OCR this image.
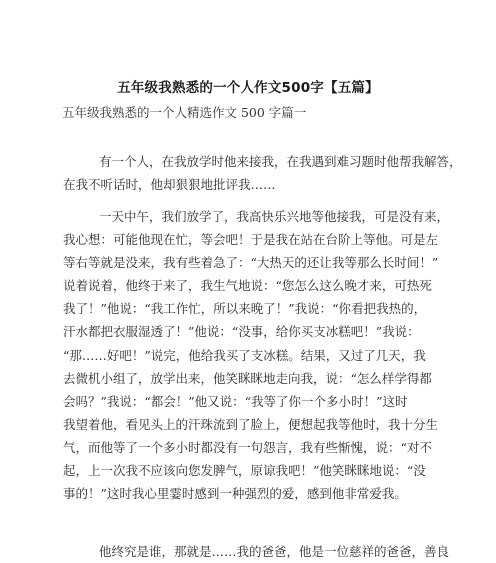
五年级我熟悉的一个人作文500字【五篇】
五年级我熟悉的一个人精选作文 500 字篇一
有一个人，在我放学时他来接我，在我遇到难习题时他帮我解答，
在我不听话时，他却狠狠地批评我……
一天中午，我们放学了，我高快乐兴地等他接我，可是没有来，
我心想：可能他现在忙，等会吧！于是我在站在台阶上等他。可是左
等右等就是没来，我有些着急了：“大热天的还让我等那么长时间！”
说着说着，他终于来了，我生气地说：“您怎么这么晚才来，可热死
我了！”他说：“我工作忙，所以来晚了！”我说：“你看把我热的，
汗水都把衣服湿透了！”他说：“没事，给你买支冰糕吧！”我说：
“那……好吧！”说完，他给我买了支冰糕。结果，又过了几天，我
去微机小组了，放学出来，他笑眯眯地走向我，说：“怎么样学得都
会吗？”我说：“都会！”他又说：“我等了你一个多小时！”这时
我望着他，看见头上的汗珠流到了脸上，便想起我等他时，我十分生
气，而他等了一个多小时都没有一句怨言，我有些惭愧，说：“对不
起，上一次我不应该向您发脾气，原谅我吧！”他笑眯眯地说：“没
事的！”这时我心里霎时感到一种强烈的爱，感到他非常爱我。
他终究是谁，那就是……我的爸爸，他是一位慈祥的爸爸，善良
